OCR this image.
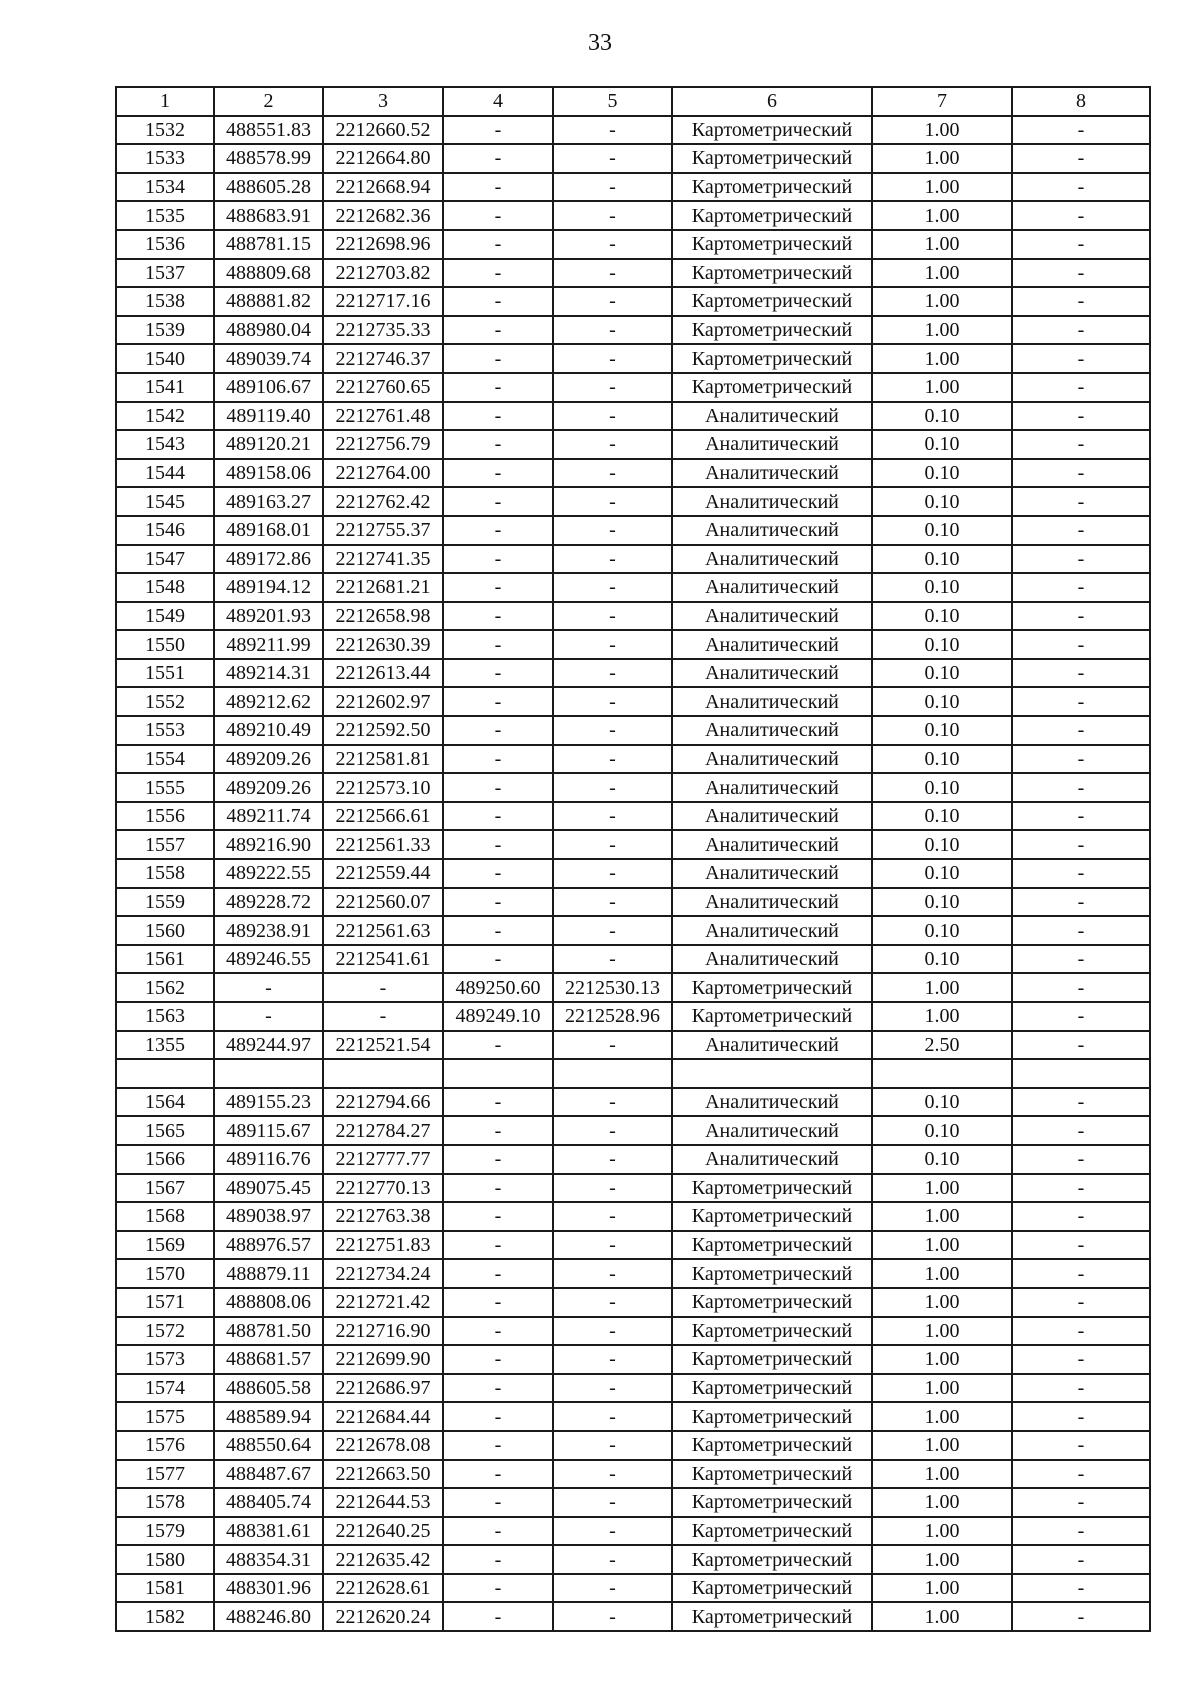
33
1	2	3	4	5	6	7	8
1532	488551.83	2212660.52	-	-	Картометрический	1.00	-
1533	488578.99	2212664.80	-	-	Картометрический	1.00	-
1534	488605.28	2212668.94	-	-	Картометрический	1.00	-
1535	488683.91	2212682.36	-	-	Картометрический	1.00	-
1536	488781.15	2212698.96	-	-	Картометрический	1.00	-
1537	488809.68	2212703.82	-	-	Картометрический	1.00	-
1538	488881.82	2212717.16	-	-	Картометрический	1.00	-
1539	488980.04	2212735.33	-	-	Картометрический	1.00	-
1540	489039.74	2212746.37	-	-	Картометрический	1.00	-
1541	489106.67	2212760.65	-	-	Картометрический	1.00	-
1542	489119.40	2212761.48	-	-	Аналитический	0.10	-
1543	489120.21	2212756.79	-	-	Аналитический	0.10	-
1544	489158.06	2212764.00	-	-	Аналитический	0.10	-
1545	489163.27	2212762.42	-	-	Аналитический	0.10	-
1546	489168.01	2212755.37	-	-	Аналитический	0.10	-
1547	489172.86	2212741.35	-	-	Аналитический	0.10	-
1548	489194.12	2212681.21	-	-	Аналитический	0.10	-
1549	489201.93	2212658.98	-	-	Аналитический	0.10	-
1550	489211.99	2212630.39	-	-	Аналитический	0.10	-
1551	489214.31	2212613.44	-	-	Аналитический	0.10	-
1552	489212.62	2212602.97	-	-	Аналитический	0.10	-
1553	489210.49	2212592.50	-	-	Аналитический	0.10	-
1554	489209.26	2212581.81	-	-	Аналитический	0.10	-
1555	489209.26	2212573.10	-	-	Аналитический	0.10	-
1556	489211.74	2212566.61	-	-	Аналитический	0.10	-
1557	489216.90	2212561.33	-	-	Аналитический	0.10	-
1558	489222.55	2212559.44	-	-	Аналитический	0.10	-
1559	489228.72	2212560.07	-	-	Аналитический	0.10	-
1560	489238.91	2212561.63	-	-	Аналитический	0.10	-
1561	489246.55	2212541.61	-	-	Аналитический	0.10	-
1562	-	-	489250.60	2212530.13	Картометрический	1.00	-
1563	-	-	489249.10	2212528.96	Картометрический	1.00	-
1355	489244.97	2212521.54	-	-	Аналитический	2.50	-

1564	489155.23	2212794.66	-	-	Аналитический	0.10	-
1565	489115.67	2212784.27	-	-	Аналитический	0.10	-
1566	489116.76	2212777.77	-	-	Аналитический	0.10	-
1567	489075.45	2212770.13	-	-	Картометрический	1.00	-
1568	489038.97	2212763.38	-	-	Картометрический	1.00	-
1569	488976.57	2212751.83	-	-	Картометрический	1.00	-
1570	488879.11	2212734.24	-	-	Картометрический	1.00	-
1571	488808.06	2212721.42	-	-	Картометрический	1.00	-
1572	488781.50	2212716.90	-	-	Картометрический	1.00	-
1573	488681.57	2212699.90	-	-	Картометрический	1.00	-
1574	488605.58	2212686.97	-	-	Картометрический	1.00	-
1575	488589.94	2212684.44	-	-	Картометрический	1.00	-
1576	488550.64	2212678.08	-	-	Картометрический	1.00	-
1577	488487.67	2212663.50	-	-	Картометрический	1.00	-
1578	488405.74	2212644.53	-	-	Картометрический	1.00	-
1579	488381.61	2212640.25	-	-	Картометрический	1.00	-
1580	488354.31	2212635.42	-	-	Картометрический	1.00	-
1581	488301.96	2212628.61	-	-	Картометрический	1.00	-
1582	488246.80	2212620.24	-	-	Картометрический	1.00	-
